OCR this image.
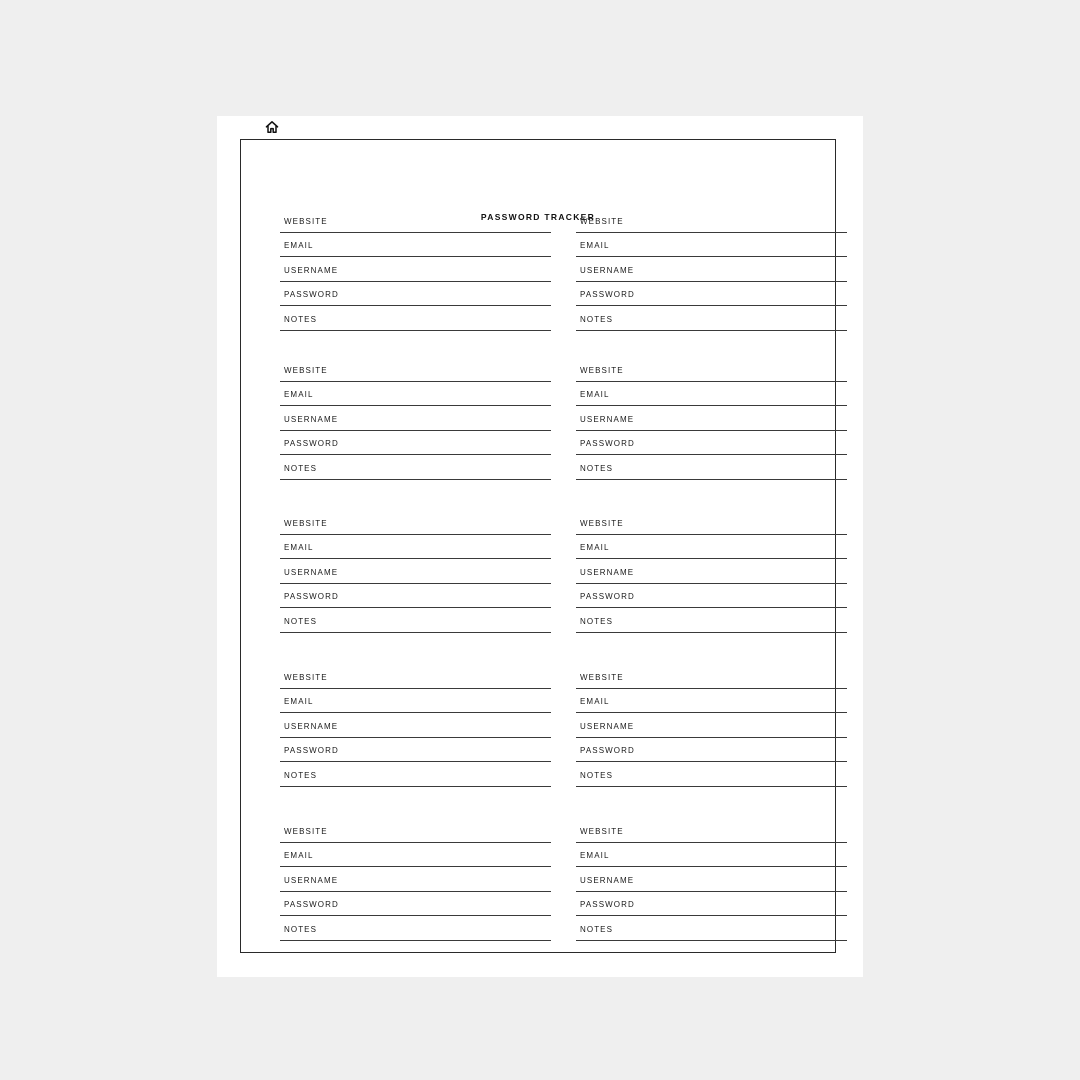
PASSWORD TRACKER
WEBSITE
EMAIL
USERNAME
PASSWORD
NOTES
WEBSITE
EMAIL
USERNAME
PASSWORD
NOTES
WEBSITE
EMAIL
USERNAME
PASSWORD
NOTES
WEBSITE
EMAIL
USERNAME
PASSWORD
NOTES
WEBSITE
EMAIL
USERNAME
PASSWORD
NOTES
WEBSITE
EMAIL
USERNAME
PASSWORD
NOTES
WEBSITE
EMAIL
USERNAME
PASSWORD
NOTES
WEBSITE
EMAIL
USERNAME
PASSWORD
NOTES
WEBSITE
EMAIL
USERNAME
PASSWORD
NOTES
WEBSITE
EMAIL
USERNAME
PASSWORD
NOTES
